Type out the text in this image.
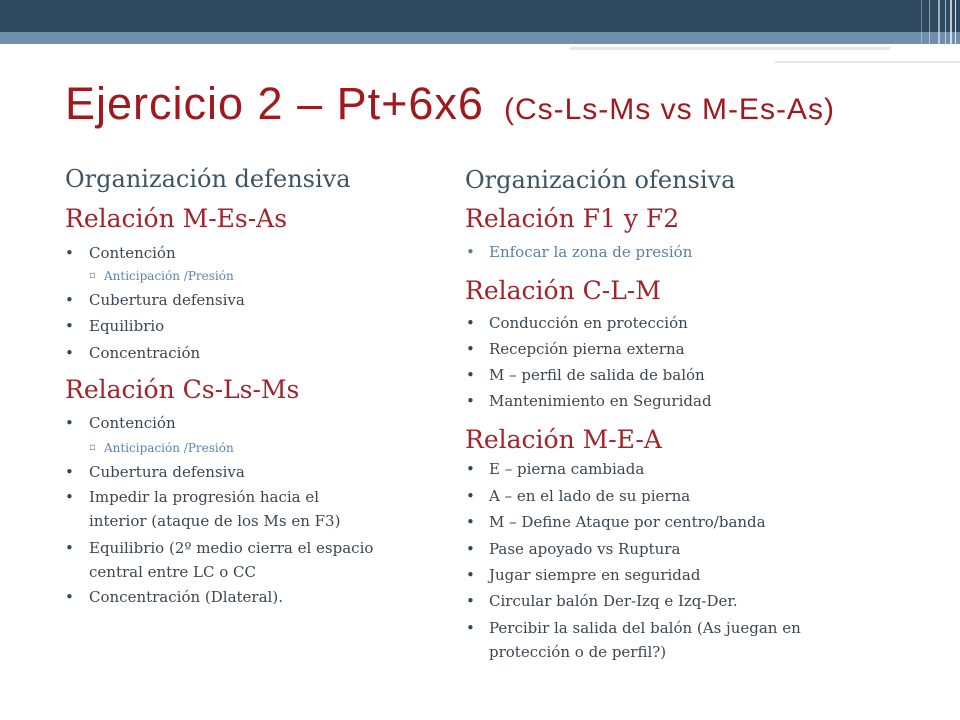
Ejercicio 2 – Pt+6x6 (Cs-Ls-Ms vs M-Es-As)
Organización defensiva
Relación M-Es-As
•
Contención
▫
Anticipación /Presión
•
Cubertura defensiva
•
Equilibrio
•
Concentración
Relación Cs-Ls-Ms
•
Contención
▫
Anticipación /Presión
•
Cubertura defensiva
•
Impedir la progresión hacia el interior (ataque de los Ms en F3)
•
Equilibrio (2º medio cierra el espacio central entre LC o CC
•
Concentración (Dlateral).
Organización ofensiva
Relación F1 y F2
•
Enfocar la zona de presión
Relación C-L-M
•
Conducción en protección
•
Recepción pierna externa
•
M – perfil de salida de balón
•
Mantenimiento en Seguridad
Relación M-E-A
•
E – pierna cambiada
•
A – en el lado de su pierna
•
M – Define Ataque por centro/banda
•
Pase apoyado vs Ruptura
•
Jugar siempre en seguridad
•
Circular balón Der-Izq e Izq-Der.
•
Percibir la salida del balón (As juegan en protección o de perfil?)
